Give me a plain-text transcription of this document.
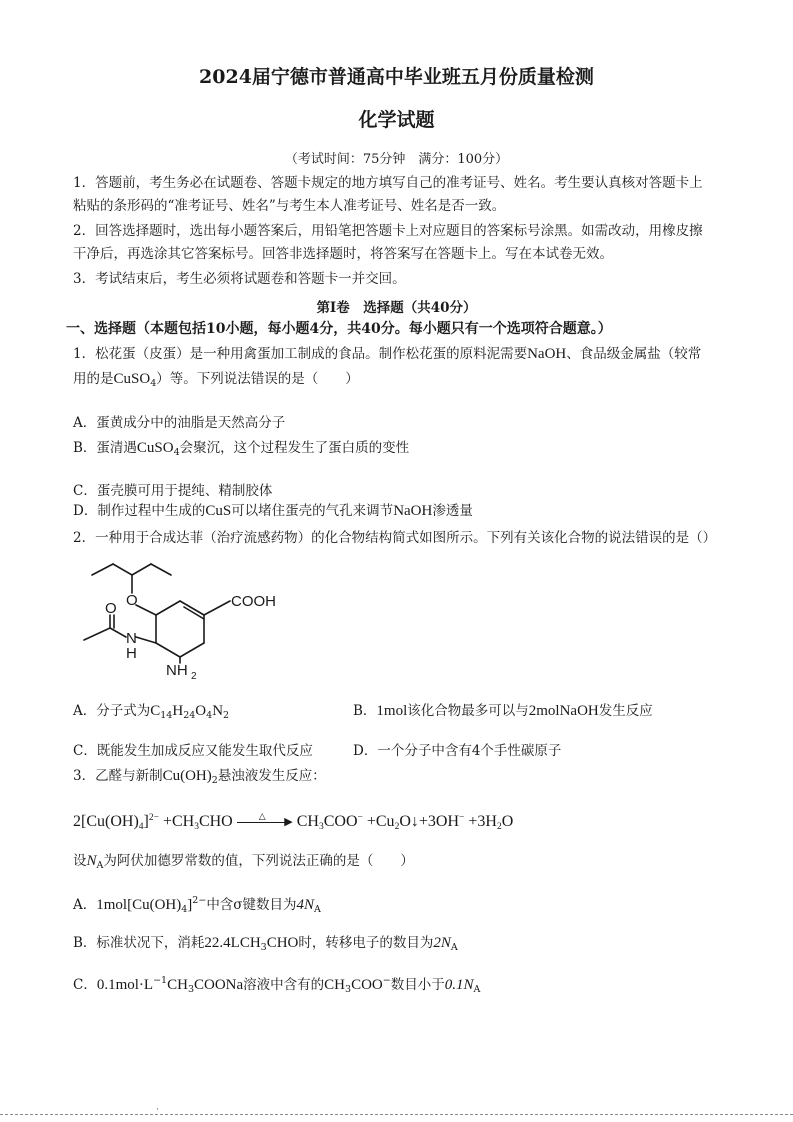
2024届宁德市普通高中毕业班五月份质量检测
化学试题
（考试时间：75分钟　满分：100分）
1．答题前，考生务必在试题卷、答题卡规定的地方填写自己的准考证号、姓名。考生要认真核对答题卡上
粘贴的条形码的“准考证号、姓名”与考生本人准考证号、姓名是否一致。
2．回答选择题时，选出每小题答案后，用铅笔把答题卡上对应题目的答案标号涂黑。如需改动，用橡皮擦
干净后，再选涂其它答案标号。回答非选择题时，将答案写在答题卡上。写在本试卷无效。
3．考试结束后，考生必须将试题卷和答题卡一并交回。
第Ⅰ卷　选择题（共40分）
一、选择题（本题包括10小题，每小题4分，共40分。每小题只有一个选项符合题意。）
1．松花蛋（皮蛋）是一种用禽蛋加工制成的食品。制作松花蛋的原料泥需要NaOH、食品级金属盐（较常
用的是CuSO$_4$）等。下列说法错误的是（　　）
A．蛋黄成分中的油脂是天然高分子
B．蛋清遇CuSO$_4$会聚沉，这个过程发生了蛋白质的变性
C．蛋壳膜可用于提纯、精制胶体
D．制作过程中生成的CuS可以堵住蛋壳的气孔来调节NaOH渗透量
2．一种用于合成达菲（治疗流感药物）的化合物结构简式如图所示。下列有关该化合物的说法错误的是（）
O	COOH
O
N
H
NH 2
A．分子式为$C_{14}H_{24}O_4N_2$	B．1mol该化合物最多可以与2molNaOH发生反应
C．既能发生加成反应又能发生取代反应	D．一个分子中含有4个手性碳原子
3．乙醛与新制$Cu(OH)_2$悬浊液发生反应：
$2[Cu(OH)_4]^{2-} +CH_3CHO$	▶
△ $CH_3COO^-$ $+Cu_2O↓+3OH^- +3H_2O$
设$N_A$为阿伏加德罗常数的值，下列说法正确的是（　　）
A．$1mol[Cu(OH)_4]^{2-}$中含σ键数目为$4N_A$
B．标准状况下，消耗$22.4LCH_3CHO$时，转移电子的数目为$2N_A$
C．$0.1mol\cdot L^{-1}CH_3COONa$溶液中含有的$CH_3COO^-$数目小于$0.1N_A$
·
